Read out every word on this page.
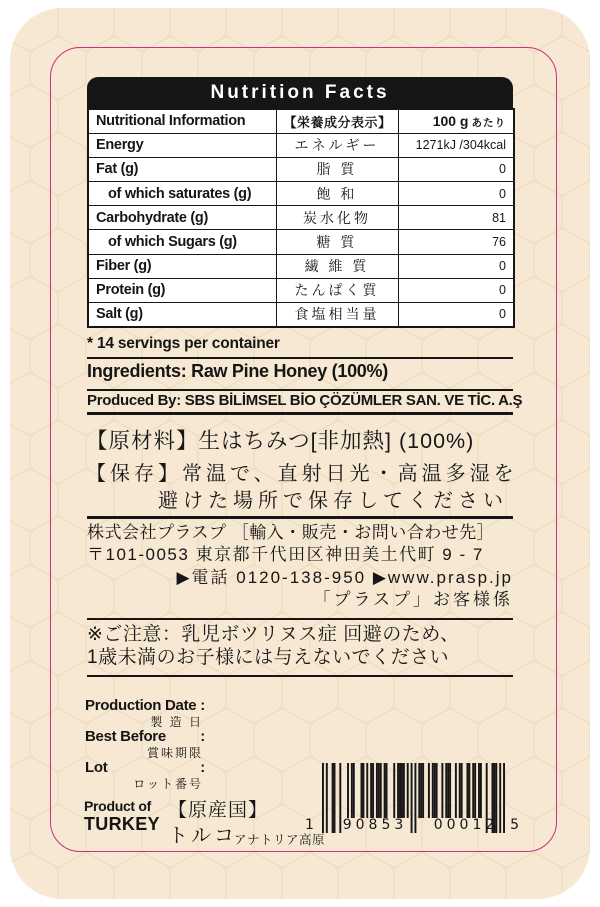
Nutrition Facts
Nutritional Information	【栄養成分表示】	100 g あたり
Energy	エネルギー	1271kJ /304kcal
Fat (g)	脂 質	0
of which saturates (g)	飽 和	0
Carbohydrate (g)	炭水化物	81
of which Sugars (g)	糖 質	76
Fiber (g)	繊 維 質	0
Protein (g)	たんぱく質	0
Salt (g)	食塩相当量	0
* 14 servings per container
Ingredients: Raw Pine Honey (100%)
Produced By: SBS BİLİMSEL BİO ÇÖZÜMLER SAN. VE TİC. A.Ş
【原材料】生はちみつ[非加熱] (100%)
【保存】常温で、直射日光・高温多湿を
避けた場所で保存してください
株式会社プラスプ ［輸入・販売・お問い合わせ先］
〒101-0053 東京都千代田区神田美土代町 9 - 7
▶電話 0120-138-950 ▶www.prasp.jp
「プラスプ」お客様係
※ご注意：乳児ボツリヌス症 回避のため、
1歳未満のお子様には与えないでください
Production Date :
製 造 日
Best Before :
賞味期限
Lot	:
ロット番号
Product of
TURKEY
【原産国】
トルコ
アナトリア高原
1 90853 00012 5
